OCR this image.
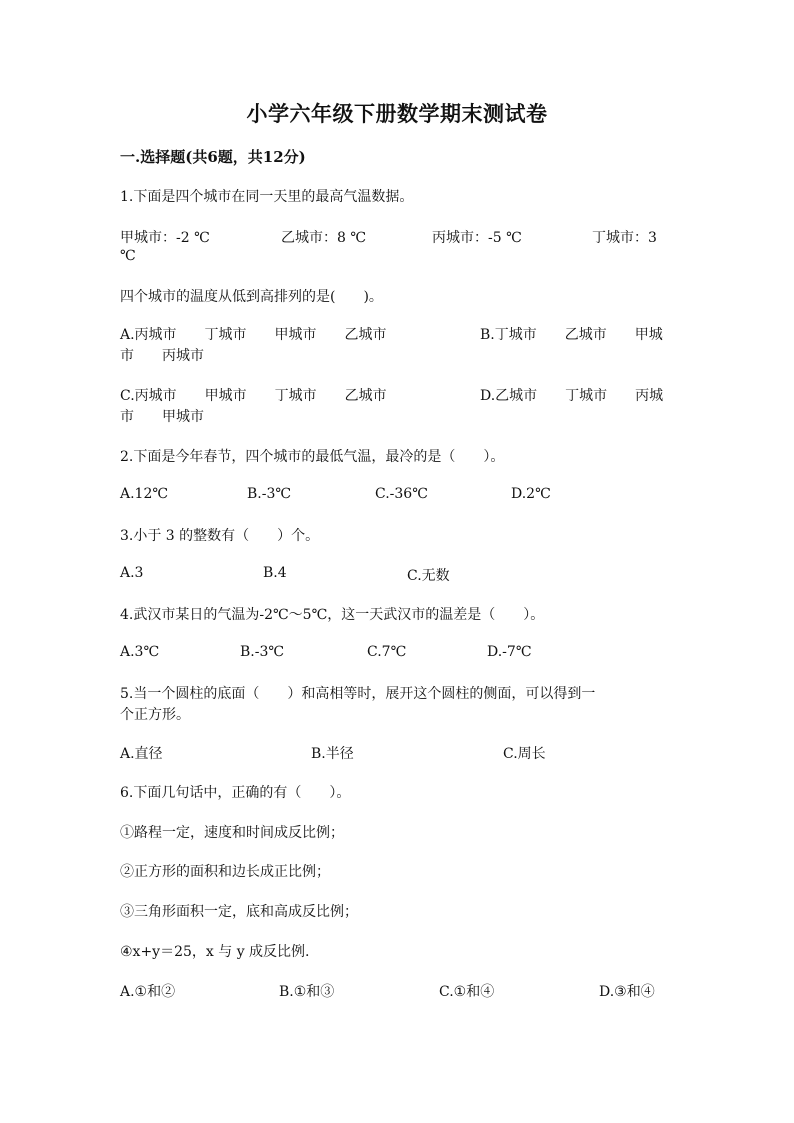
小学六年级下册数学期末测试卷
一.选择题(共6题，共12分)
1.下面是四个城市在同一天里的最高气温数据。
甲城市：-2 ℃	乙城市：8 ℃	丙城市：-5 ℃	丁城市：3
℃
四个城市的温度从低到高排列的是(　　)。
A.丙城市　　丁城市　　甲城市　　乙城市
市　　丙城市
B.丁城市　　乙城市　　甲城
C.丙城市　　甲城市　　丁城市　　乙城市
市　　甲城市
D.乙城市　　丁城市　　丙城
2.下面是今年春节，四个城市的最低气温，最冷的是（　　）。
A.12℃	B.-3℃	C.-36℃	D.2℃
3.小于 3 的整数有（　　）个。
A.3	B.4	C.无数
4.武汉市某日的气温为-2℃～5℃，这一天武汉市的温差是（　　）。
A.3℃	B.-3℃	C.7℃	D.-7℃
5.当一个圆柱的底面（　　）和高相等时，展开这个圆柱的侧面，可以得到一
个正方形。
A.直径	B.半径	C.周长
6.下面几句话中，正确的有（　　）。
①路程一定，速度和时间成反比例；
②正方形的面积和边长成正比例；
③三角形面积一定，底和高成反比例；
④x+y＝25，x 与 y 成反比例.
A.①和②	B.①和③	C.①和④	D.③和④
